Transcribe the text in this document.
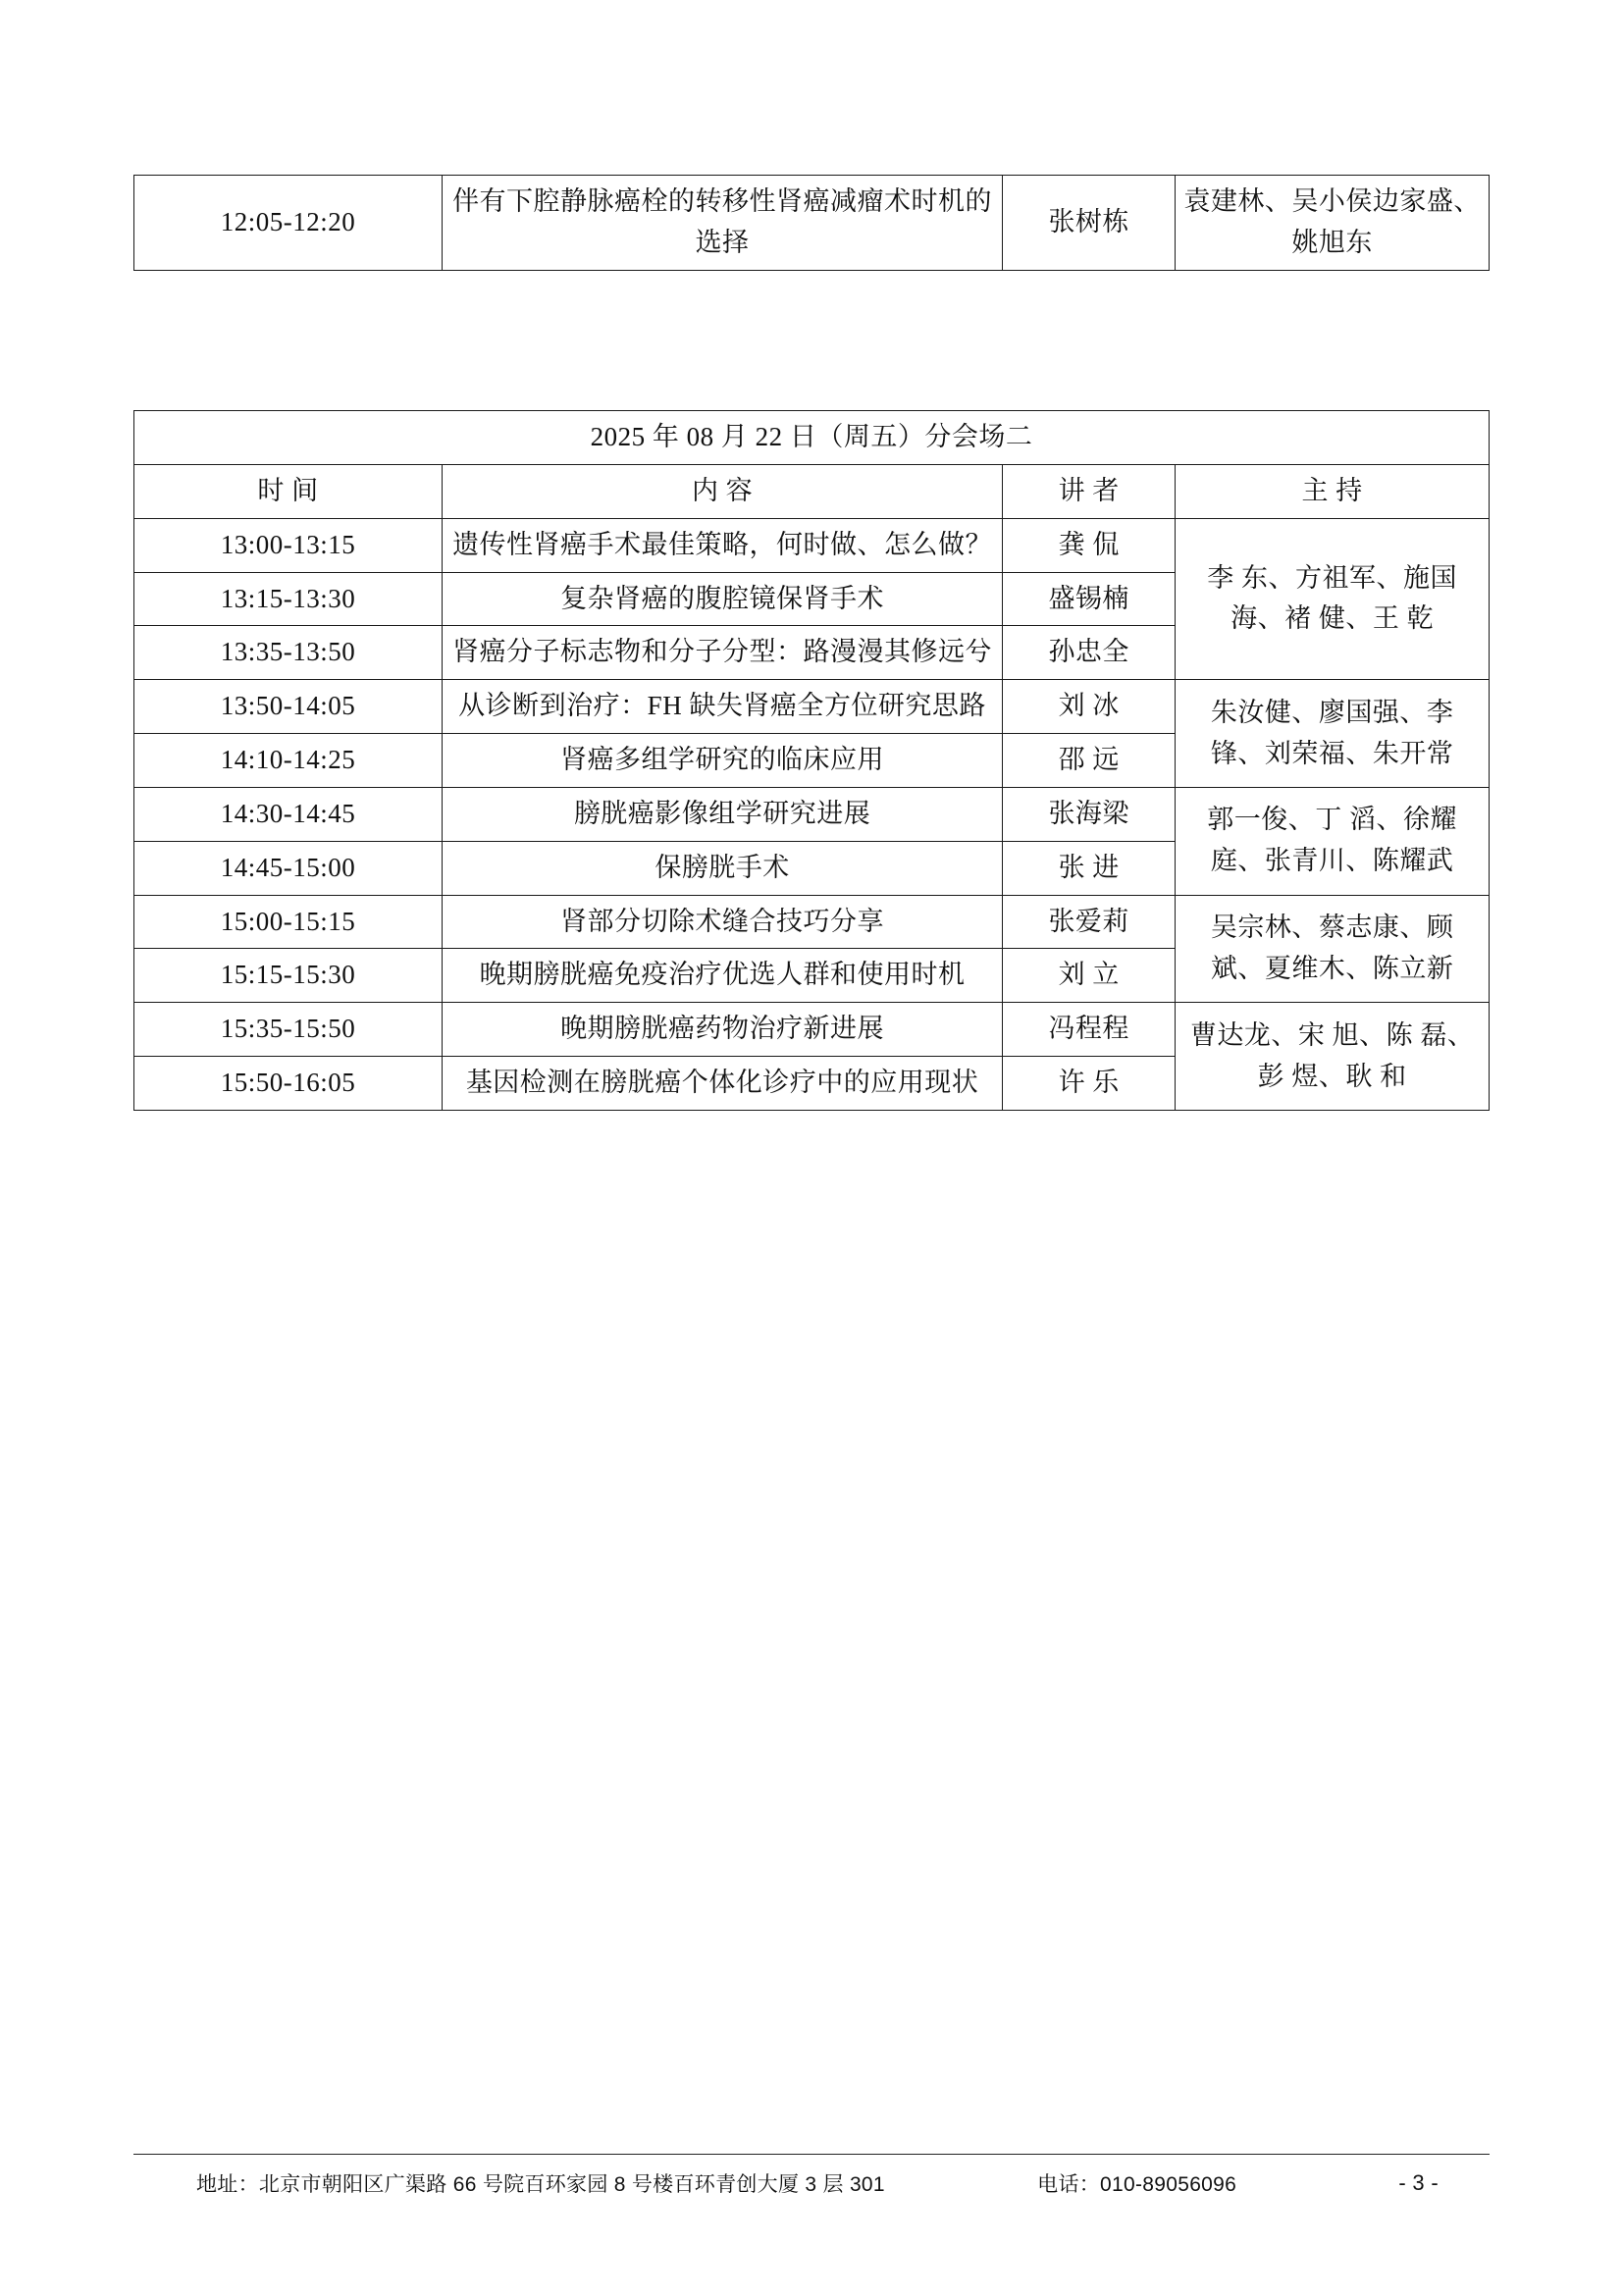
12:05-12:20	伴有下腔静脉癌栓的转移性肾癌减瘤术时机的选择	张树栋	袁建林、吴小侯边家盛、姚旭东
2025 年 08 月 22 日（周五）分会场二			
时 间	内 容	讲 者	主 持
13:00-13:15	遗传性肾癌手术最佳策略，何时做、怎么做？	龚 侃	李 东、方祖军、施国海、褚 健、王 乾
13:15-13:30	复杂肾癌的腹腔镜保肾手术	盛锡楠	
13:35-13:50	肾癌分子标志物和分子分型：路漫漫其修远兮	孙忠全	
13:50-14:05	从诊断到治疗：FH 缺失肾癌全方位研究思路	刘 冰	朱汝健、廖国强、李 锋、刘荣福、朱开常
14:10-14:25	肾癌多组学研究的临床应用	邵 远	
14:30-14:45	膀胱癌影像组学研究进展	张海梁	郭一俊、丁 滔、徐耀庭、张青川、陈耀武
14:45-15:00	保膀胱手术	张 进	
15:00-15:15	肾部分切除术缝合技巧分享	张爱莉	吴宗林、蔡志康、顾 斌、夏维木、陈立新
15:15-15:30	晚期膀胱癌免疫治疗优选人群和使用时机	刘 立	
15:35-15:50	晚期膀胱癌药物治疗新进展	冯程程	曹达龙、宋 旭、陈 磊、彭 煜、耿 和
15:50-16:05	基因检测在膀胱癌个体化诊疗中的应用现状	许 乐	
地址：北京市朝阳区广渠路 66 号院百环家园 8 号楼百环青创大厦 3 层 301	电话：010-89056096	- 3 -
